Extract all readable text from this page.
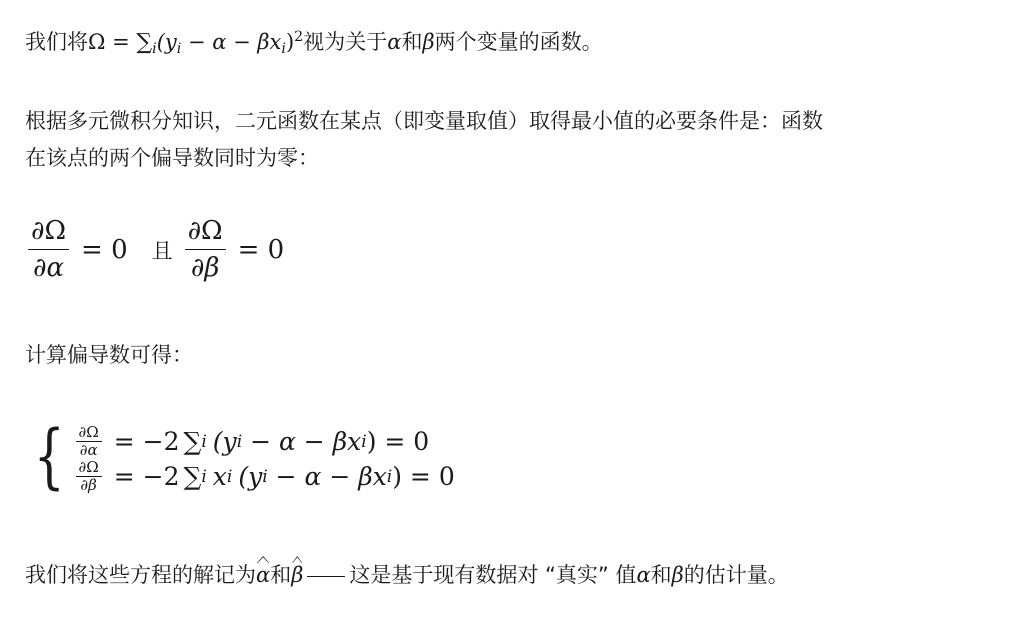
我们将$\Omega = \sum_i(y_i - \alpha - \beta x_i)^2$视为关于α和β两个变量的函数。
根据多元微积分知识，二元函数在某点（即变量取值）取得最小值的必要条件是：函数
在该点的两个偏导数同时为零：
$\frac{\partial\Omega}{\partial\alpha} = 0$ 且 $\frac{\partial\Omega}{\partial\beta} = 0$
计算偏导数可得：
{ $\frac{\partial\Omega}{\partial\alpha} = -2$ ∑ i (y i − α − βx i ) = 0
$\frac{\partial\Omega}{\partial\beta} = -2$ ∑ i x i (y i − α − βx i ) = 0
我们将这些方程的解记为α和β 这是基于现有数据对 “真实” 值α和β的估计量。
